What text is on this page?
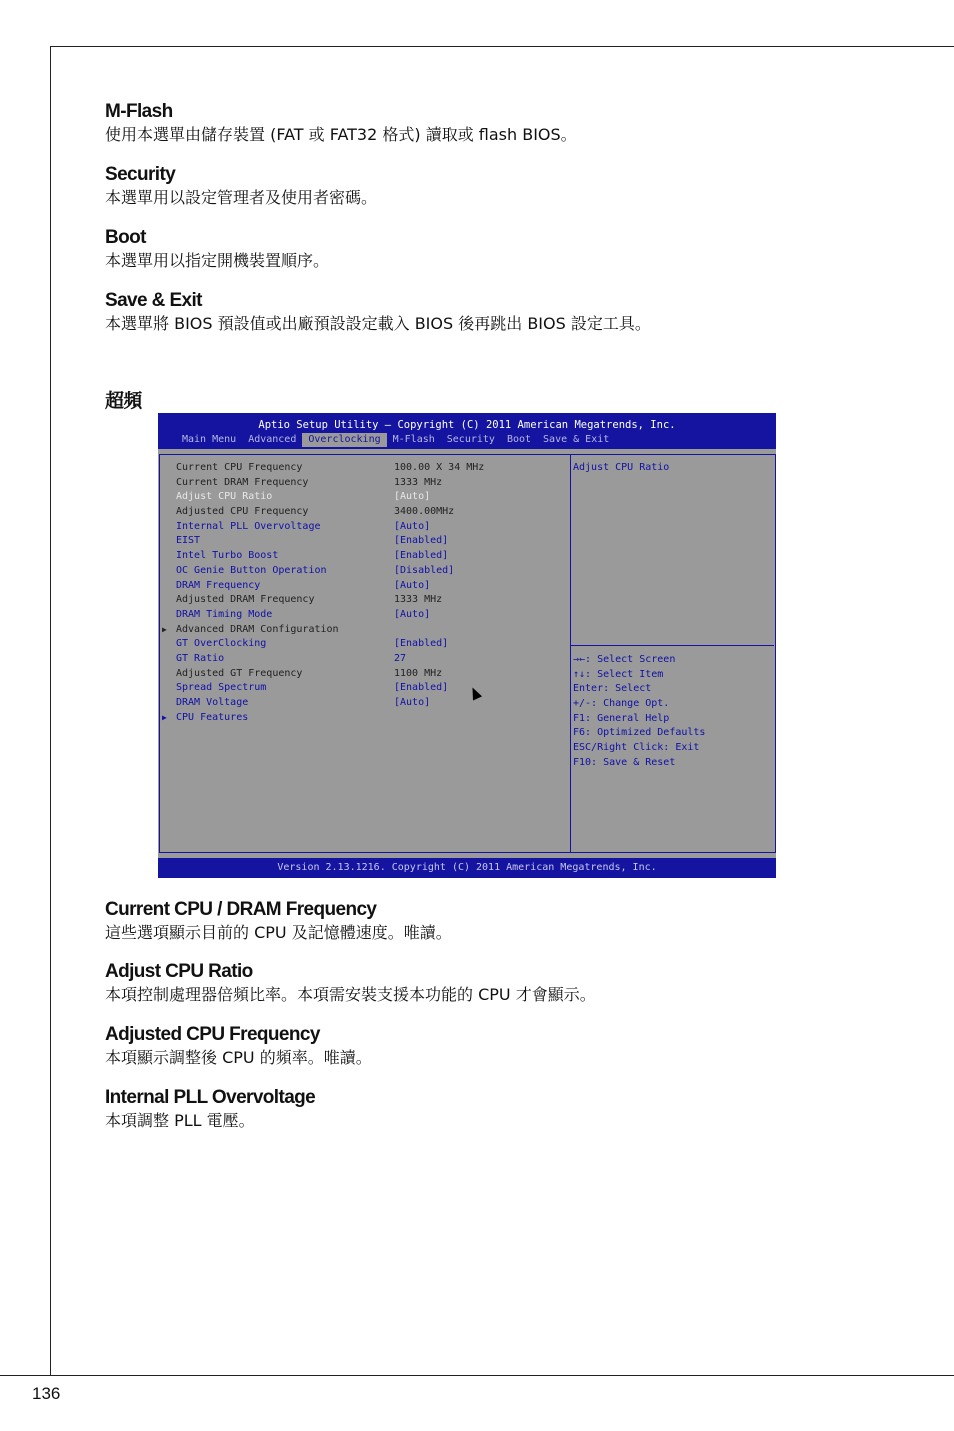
M-Flash
使用本選單由儲存裝置 (FAT 或 FAT32 格式) 讀取或 flash BIOS。
Security
本選單用以設定管理者及使用者密碼。
Boot
本選單用以指定開機裝置順序。
Save & Exit
本選單將 BIOS 預設值或出廠預設設定載入 BIOS 後再跳出 BIOS 設定工具。
超頻
Aptio Setup Utility – Copyright (C) 2011 American Megatrends, Inc.
Main Menu	Advanced	Overclocking	M-Flash	Security	Boot	Save & Exit
Current CPU Frequency	100.00 X 34 MHz
Current DRAM Frequency	1333 MHz
Adjust CPU Ratio	[Auto]
Adjusted CPU Frequency	3400.00MHz
Internal PLL Overvoltage	[Auto]
EIST	[Enabled]
Intel Turbo Boost	[Enabled]
OC Genie Button Operation	[Disabled]
DRAM Frequency	[Auto]
Adjusted DRAM Frequency	1333 MHz
DRAM Timing Mode	[Auto]
▶ Advanced DRAM Configuration
GT OverClocking	[Enabled]
GT Ratio	27
Adjusted GT Frequency	1100 MHz
Spread Spectrum	[Enabled]
DRAM Voltage	[Auto]
▶ CPU Features
Adjust CPU Ratio
→←: Select Screen
↑↓: Select Item
Enter: Select
+/-: Change Opt.
F1: General Help
F6: Optimized Defaults
ESC/Right Click: Exit
F10: Save & Reset
Version 2.13.1216. Copyright (C) 2011 American Megatrends, Inc.
Current CPU / DRAM Frequency
這些選項顯示目前的 CPU 及記憶體速度。唯讀。
Adjust CPU Ratio
本項控制處理器倍頻比率。本項需安裝支援本功能的 CPU 才會顯示。
Adjusted CPU Frequency
本項顯示調整後 CPU 的頻率。唯讀。
Internal PLL Overvoltage
本項調整 PLL 電壓。
136
